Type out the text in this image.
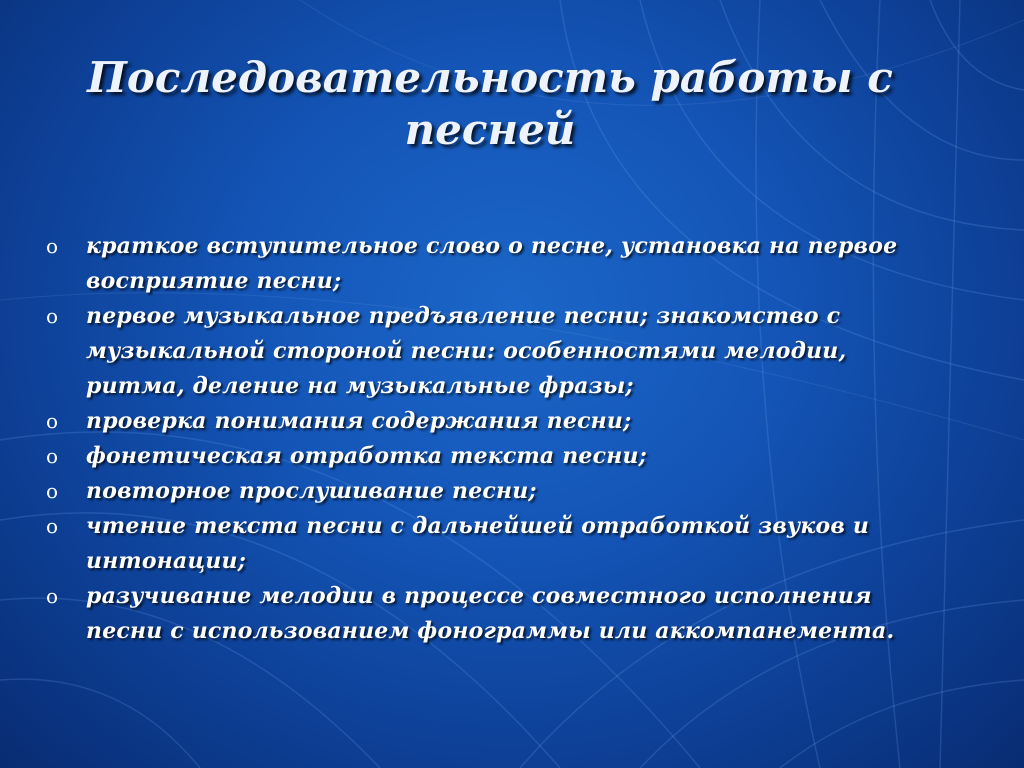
Последовательность работы с песней
o краткое вступительное слово о песне, установка на первое восприятие песни;
o первое музыкальное предъявление песни; знакомство с музыкальной стороной песни: особенностями мелодии, ритма, деление на музыкальные фразы;
o проверка понимания содержания песни;
o фонетическая отработка текста песни;
o повторное прослушивание песни;
o чтение текста песни с дальнейшей отработкой звуков и интонации;
o разучивание мелодии в процессе совместного исполнения песни с использованием фонограммы или аккомпанемента.
